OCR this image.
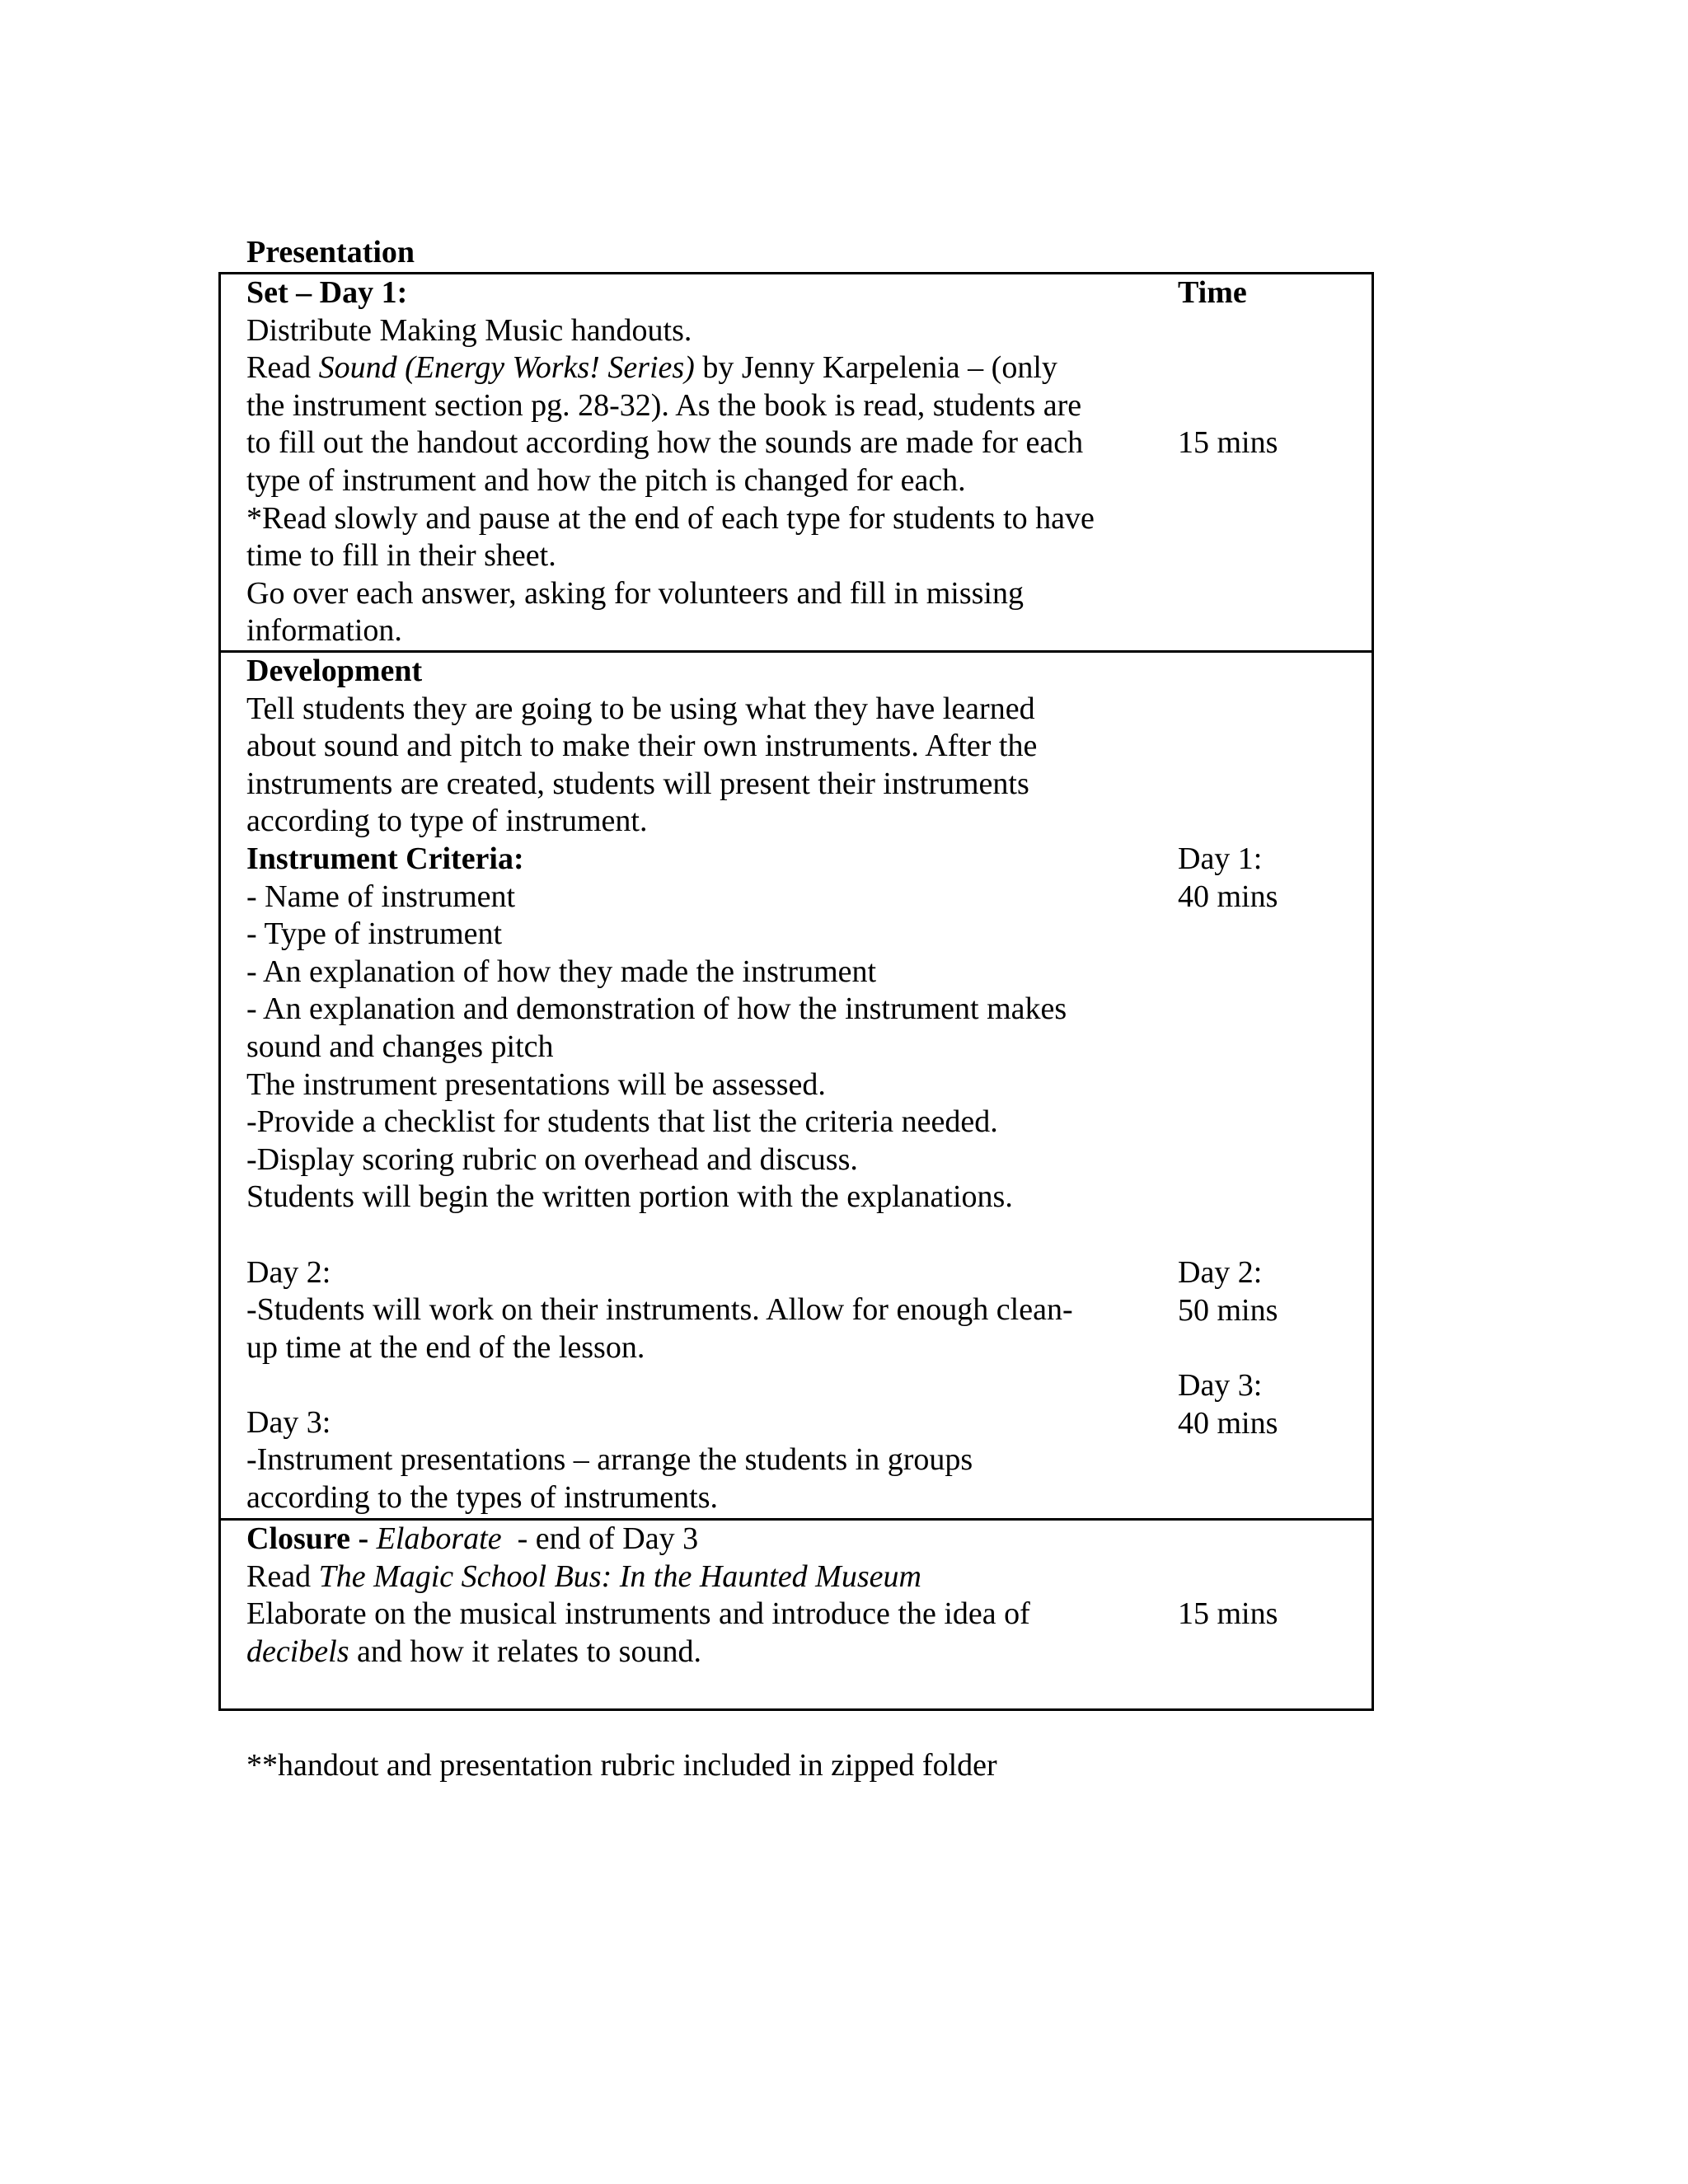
Presentation
Set – Day 1:
Distribute Making Music handouts.
Read Sound (Energy Works! Series) by Jenny Karpelenia – (only
the instrument section pg. 28-32). As the book is read, students are
to fill out the handout according how the sounds are made for each
type of instrument and how the pitch is changed for each.
*Read slowly and pause at the end of each type for students to have
time to fill in their sheet.
Go over each answer, asking for volunteers and fill in missing
information.
Time
15 mins
Development
Tell students they are going to be using what they have learned
about sound and pitch to make their own instruments. After the
instruments are created, students will present their instruments
according to type of instrument.
Instrument Criteria:
- Name of instrument
- Type of instrument
- An explanation of how they made the instrument
- An explanation and demonstration of how the instrument makes
sound and changes pitch
The instrument presentations will be assessed.
-Provide a checklist for students that list the criteria needed.
-Display scoring rubric on overhead and discuss.
Students will begin the written portion with the explanations.
Day 2:
-Students will work on their instruments. Allow for enough clean-
up time at the end of the lesson.
Day 3:
-Instrument presentations – arrange the students in groups
according to the types of instruments.
Day 1:
40 mins
Day 2:
50 mins
Day 3:
40 mins
Closure - Elaborate  - end of Day 3
Read The Magic School Bus: In the Haunted Museum
Elaborate on the musical instruments and introduce the idea of
decibels and how it relates to sound.
15 mins
**handout and presentation rubric included in zipped folder
